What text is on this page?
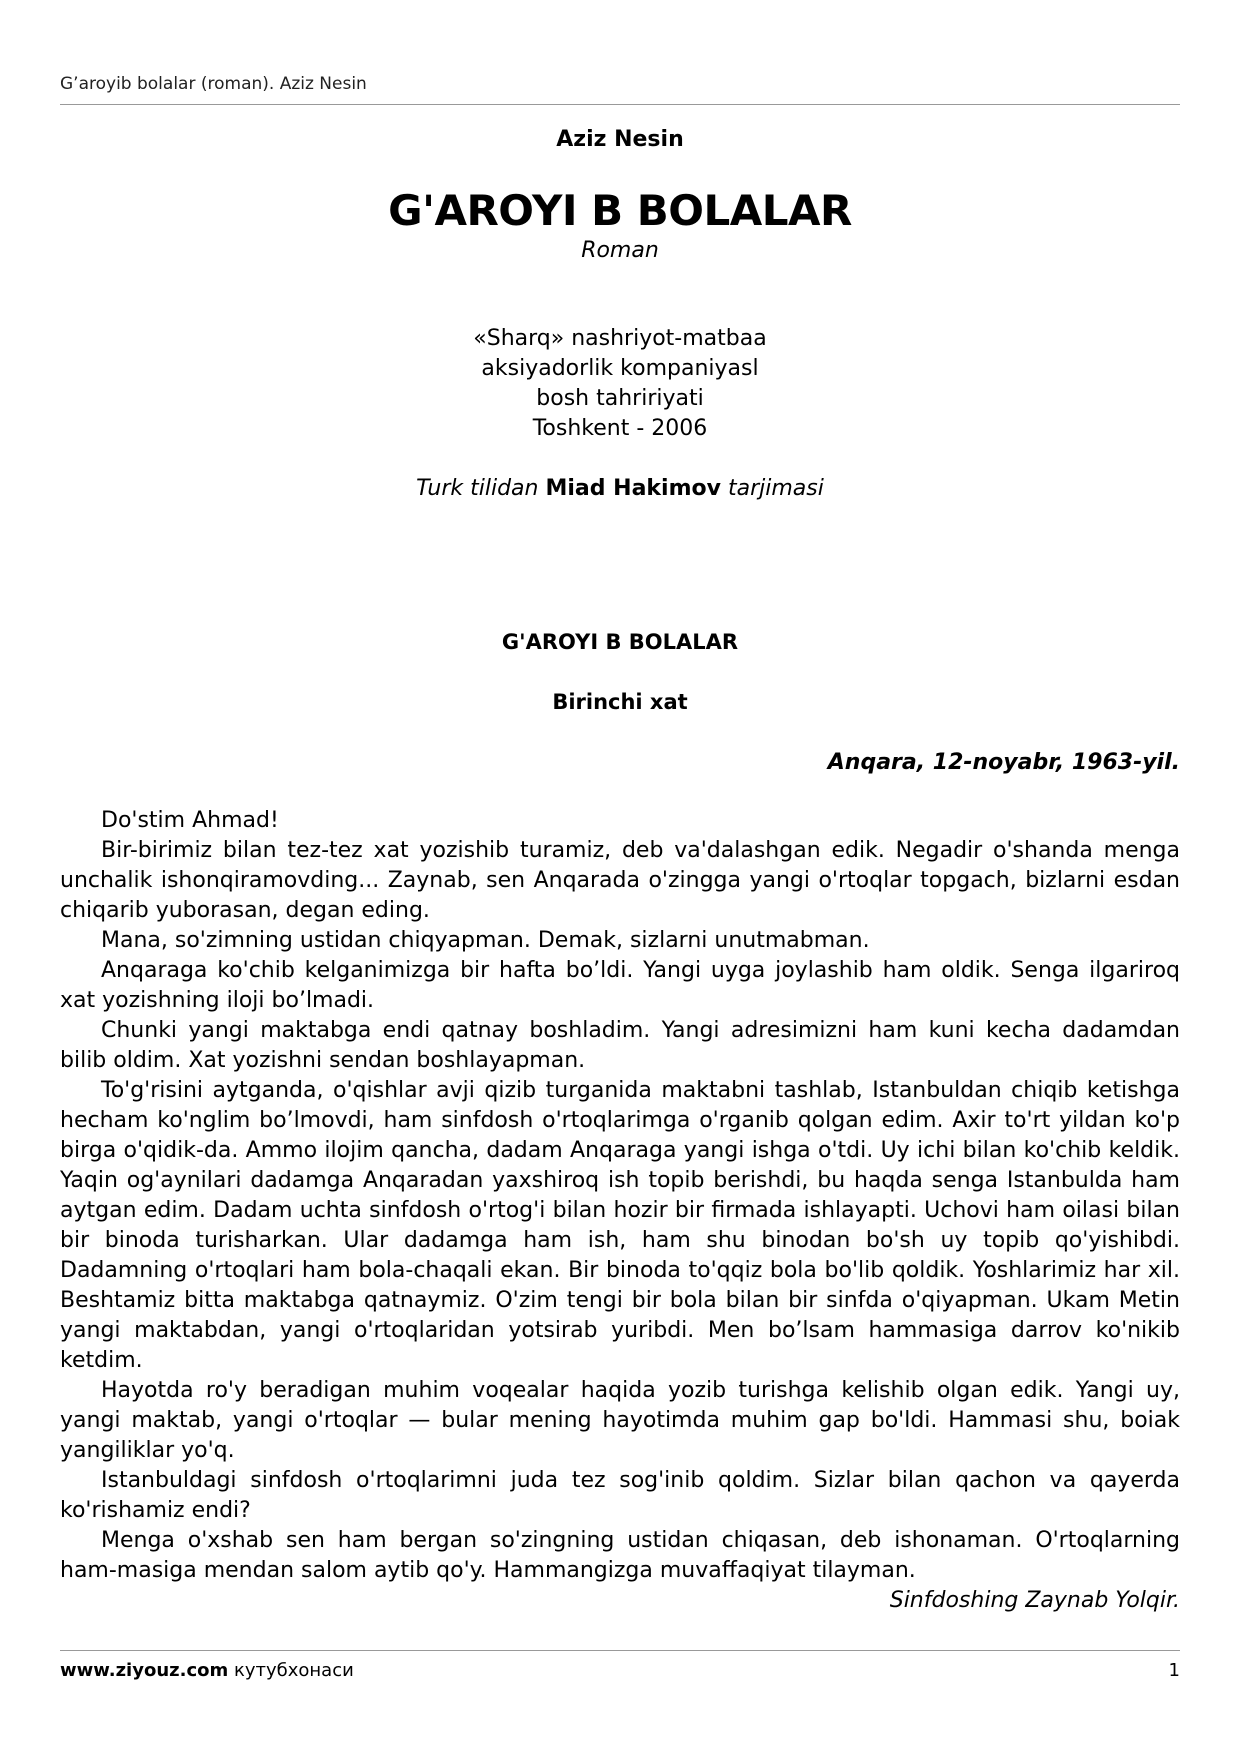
G’aroyib bolalar (roman). Aziz Nesin
Aziz Nesin
G'AROYI B BOLALAR
Roman
«Sharq» nashriyot-matbaa
aksiyadorlik kompaniyasl
bosh tahririyati
Toshkent - 2006
Turk tilidan Miad Hakimov tarjimasi
G'AROYI B BOLALAR
Birinchi xat
Anqara, 12-noyabr, 1963-yil.

Do'stim Ahmad!

Bir-birimiz bilan tez-tez xat yozishib turamiz, deb va'dalashgan edik. Negadir o'shanda menga unchalik ishonqiramovding... Zaynab, sen Anqarada o'zingga yangi o'rtoqlar topgach, bizlarni esdan chiqarib yuborasan, degan eding.

Mana, so'zimning ustidan chiqyapman. Demak, sizlarni unutmabman.

Anqaraga ko'chib kelganimizga bir hafta bo’ldi. Yangi uyga joylashib ham oldik. Senga ilgariroq xat yozishning iloji bo’lmadi.

Chunki yangi maktabga endi qatnay boshladim. Yangi adresimizni ham kuni kecha dadamdan bilib oldim. Xat yozishni sendan boshlayapman.

To'g'risini aytganda, o'qishlar avji qizib turganida maktabni tashlab, Istanbuldan chiqib ketishga hecham ko'nglim bo’lmovdi, ham sinfdosh o'rtoqlarimga o'rganib qolgan edim. Axir to'rt yildan ko'p birga o'qidik-da. Ammo ilojim qancha, dadam Anqaraga yangi ishga o'tdi. Uy ichi bilan ko'chib keldik. Yaqin og'aynilari dadamga Anqaradan yaxshiroq ish topib berishdi, bu haqda senga Istanbulda ham aytgan edim. Dadam uchta sinfdosh o'rtog'i bilan hozir bir firmada ishlayapti. Uchovi ham oilasi bilan bir binoda turisharkan. Ular dadamga ham ish, ham shu binodan bo'sh uy topib qo'yishibdi. Dadamning o'rtoqlari ham bola-chaqali ekan. Bir binoda to'qqiz bola bo'lib qoldik. Yoshlarimiz har xil. Beshtamiz bitta maktabga qatnaymiz. O'zim tengi bir bola bilan bir sinfda o'qiyapman. Ukam Metin yangi maktabdan, yangi o'rtoqlaridan yotsirab yuribdi. Men bo’lsam hammasiga darrov ko'nikib ketdim.

Hayotda ro'y beradigan muhim voqealar haqida yozib turishga kelishib olgan edik. Yangi uy, yangi maktab, yangi o'rtoqlar — bular mening hayotimda muhim gap bo'ldi. Hammasi shu, boiak yangiliklar yo'q.

Istanbuldagi sinfdosh o'rtoqlarimni juda tez sog'inib qoldim. Sizlar bilan qachon va qayerda ko'rishamiz endi?

Menga o'xshab sen ham bergan so'zingning ustidan chiqasan, deb ishonaman. O'rtoqlarning ham-masiga mendan salom aytib qo'y. Hammangizga muvaffaqiyat tilayman.

Sinfdoshing Zaynab Yolqir.
www.ziyouz.com кутубхонаси	1
